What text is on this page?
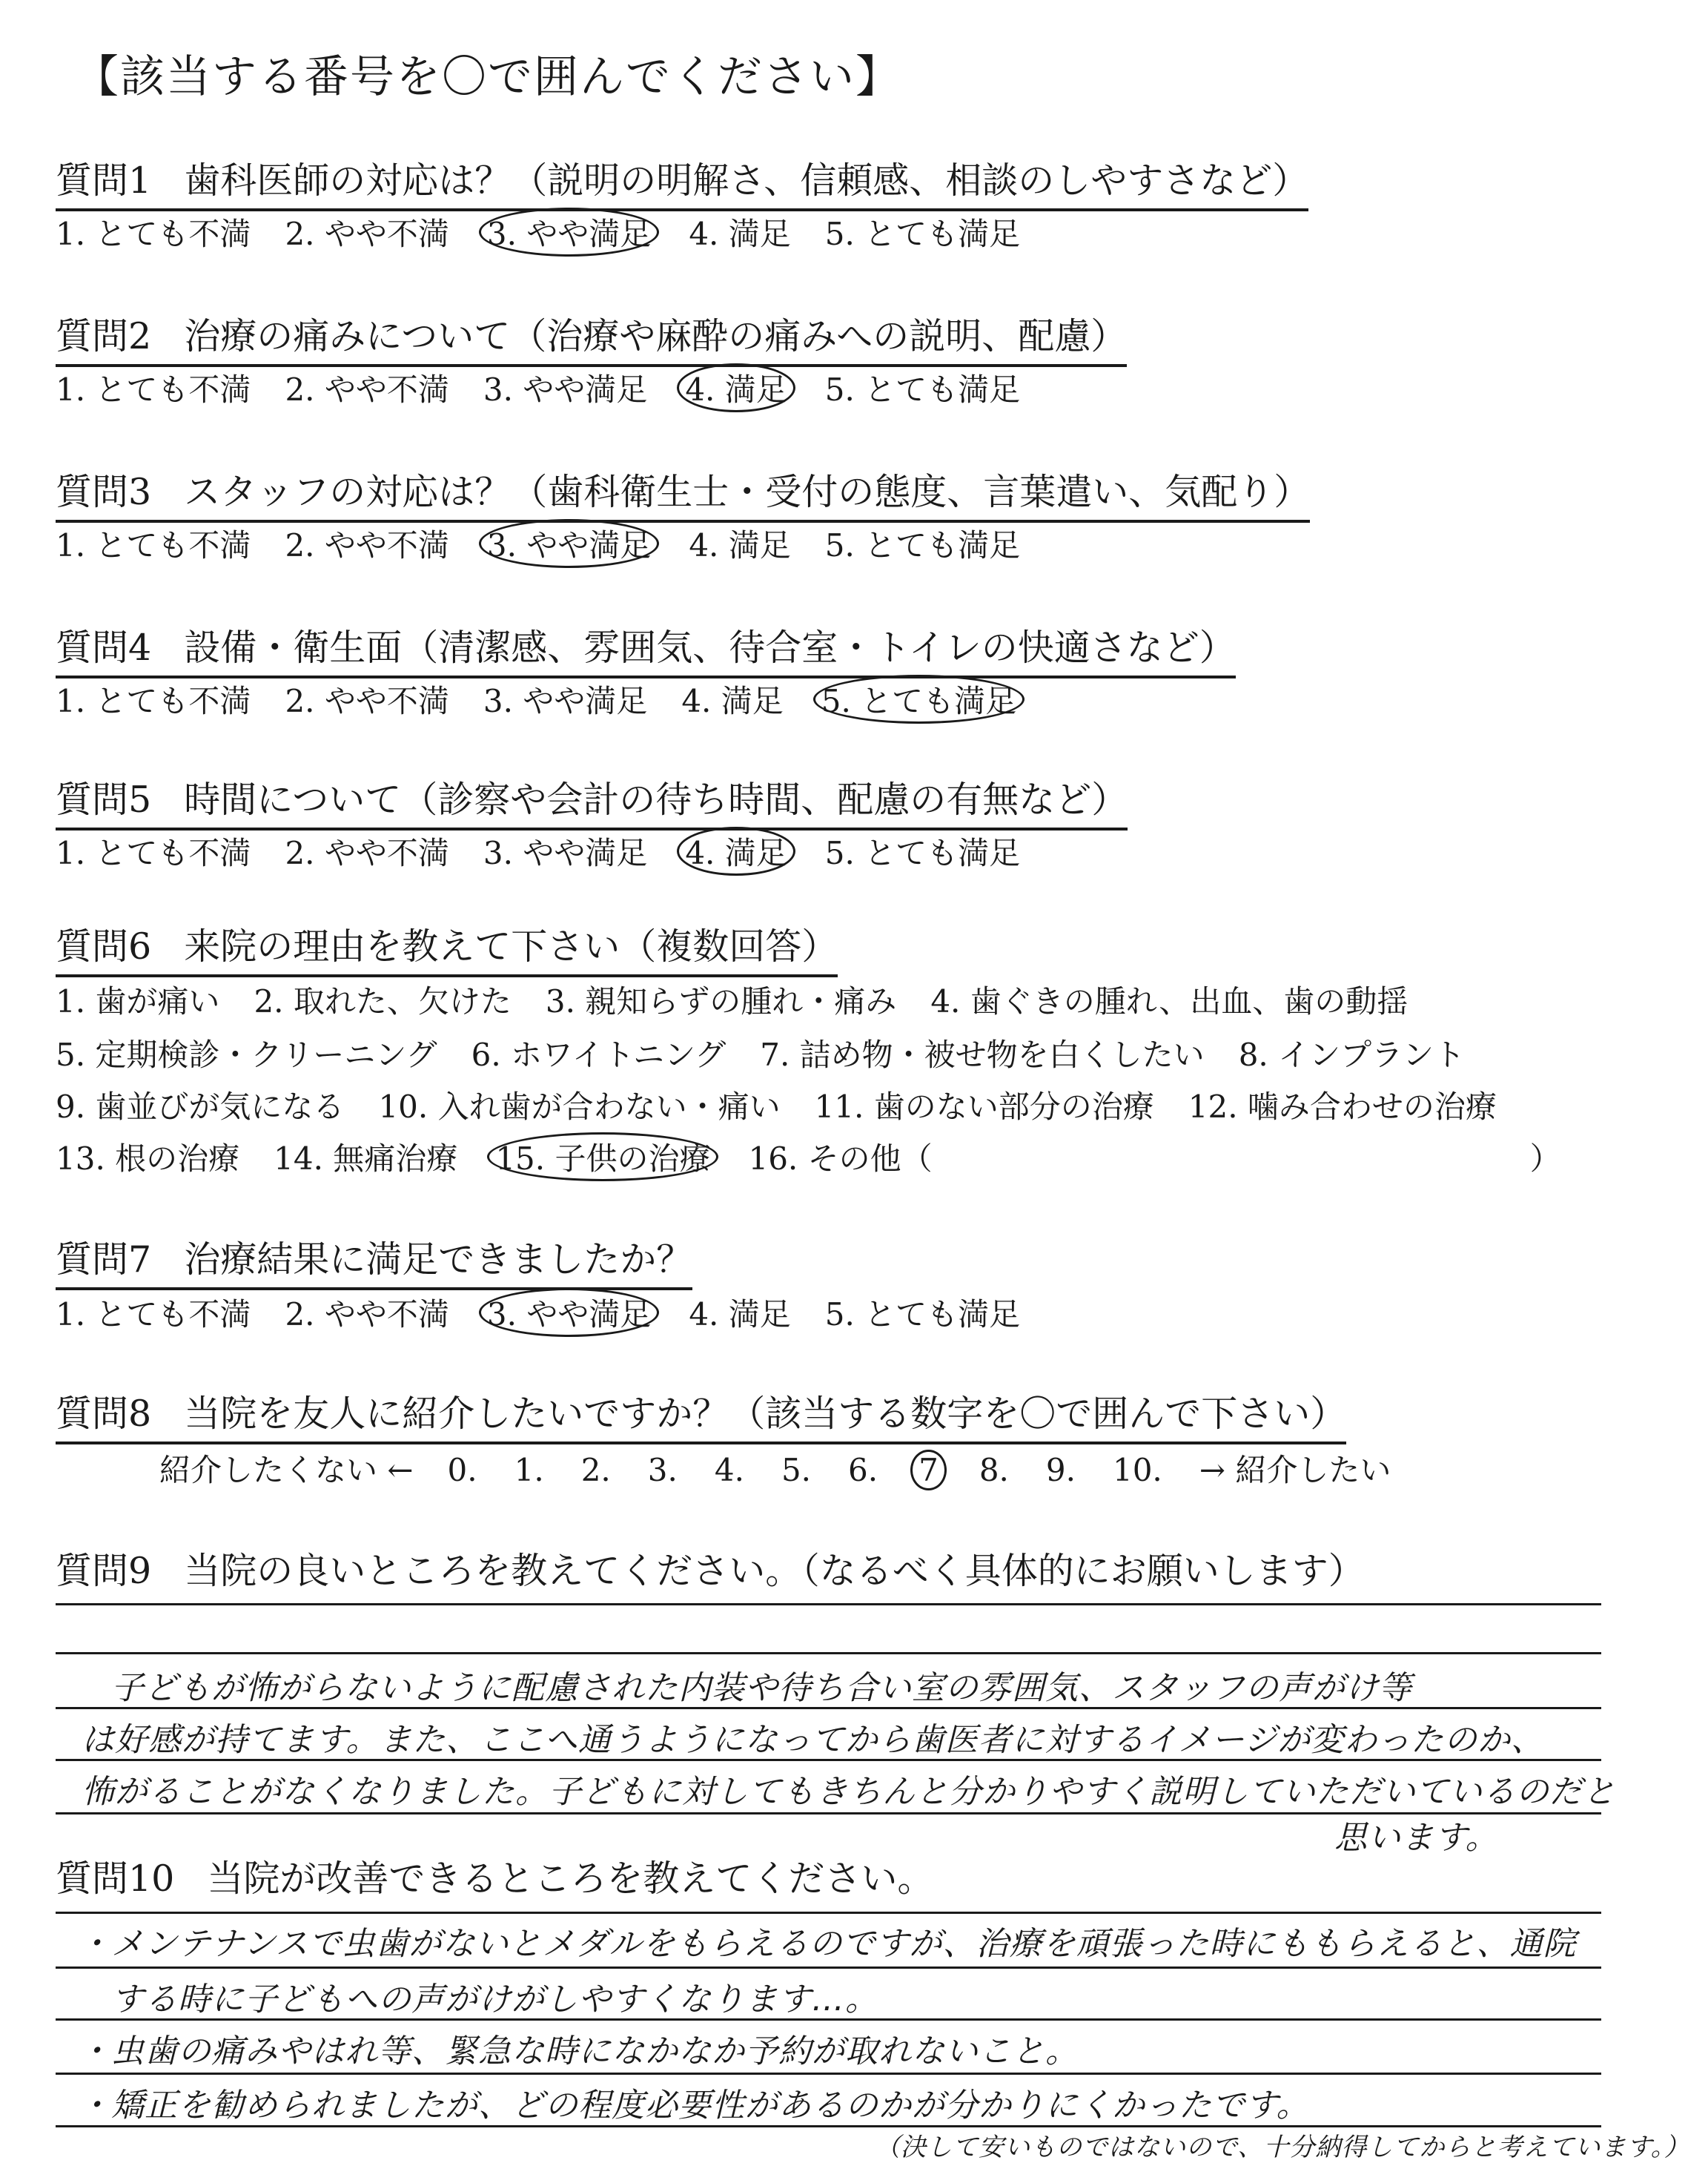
【該当する番号を〇で囲んでください】
質問1 歯科医師の対応は？（説明の明解さ、信頼感、相談のしやすさなど）
1. とても不満 2. やや不満 3. やや満足 4. 満足 5. とても満足
質問2 治療の痛みについて（治療や麻酔の痛みへの説明、配慮）
1. とても不満 2. やや不満 3. やや満足 4. 満足 5. とても満足
質問3 スタッフの対応は？（歯科衛生士・受付の態度、言葉遣い、気配り）
1. とても不満 2. やや不満 3. やや満足 4. 満足 5. とても満足
質問4 設備・衛生面（清潔感、雰囲気、待合室・トイレの快適さなど）
1. とても不満 2. やや不満 3. やや満足 4. 満足 5. とても満足
質問5 時間について（診察や会計の待ち時間、配慮の有無など）
1. とても不満 2. やや不満 3. やや満足 4. 満足 5. とても満足
質問6 来院の理由を教えて下さい（複数回答）
1. 歯が痛い 2. 取れた、欠けた 3. 親知らずの腫れ・痛み 4. 歯ぐきの腫れ、出血、歯の動揺
5. 定期検診・クリーニング 6. ホワイトニング 7. 詰め物・被せ物を白くしたい 8. インプラント
9. 歯並びが気になる 10. 入れ歯が合わない・痛い 11. 歯のない部分の治療 12. 噛み合わせの治療
13. 根の治療 14. 無痛治療 15. 子供の治療 16. その他（	）
質問7 治療結果に満足できましたか？
1. とても不満 2. やや不満 3. やや満足 4. 満足 5. とても満足
質問8 当院を友人に紹介したいですか？（該当する数字を〇で囲んで下さい）
紹介したくない ← 0. 1. 2. 3. 4. 5. 6. 7 8. 9. 10. → 紹介したい
質問9 当院の良いところを教えてください。（なるべく具体的にお願いします）
子どもが怖がらないように配慮された内装や待ち合い室の雰囲気、スタッフの声がけ等
は好感が持てます。また、ここへ通うようになってから歯医者に対するイメージが変わったのか、
怖がることがなくなりました。子どもに対してもきちんと分かりやすく説明していただいているのだと
思います。
質問10 当院が改善できるところを教えてください。
・メンテナンスで虫歯がないとメダルをもらえるのですが、治療を頑張った時にももらえると、通院
する時に子どもへの声がけがしやすくなります…。
・虫歯の痛みやはれ等、緊急な時になかなか予約が取れないこと。
・矯正を勧められましたが、どの程度必要性があるのかが分かりにくかったです。
（決して安いものではないので、十分納得してからと考えています。）
